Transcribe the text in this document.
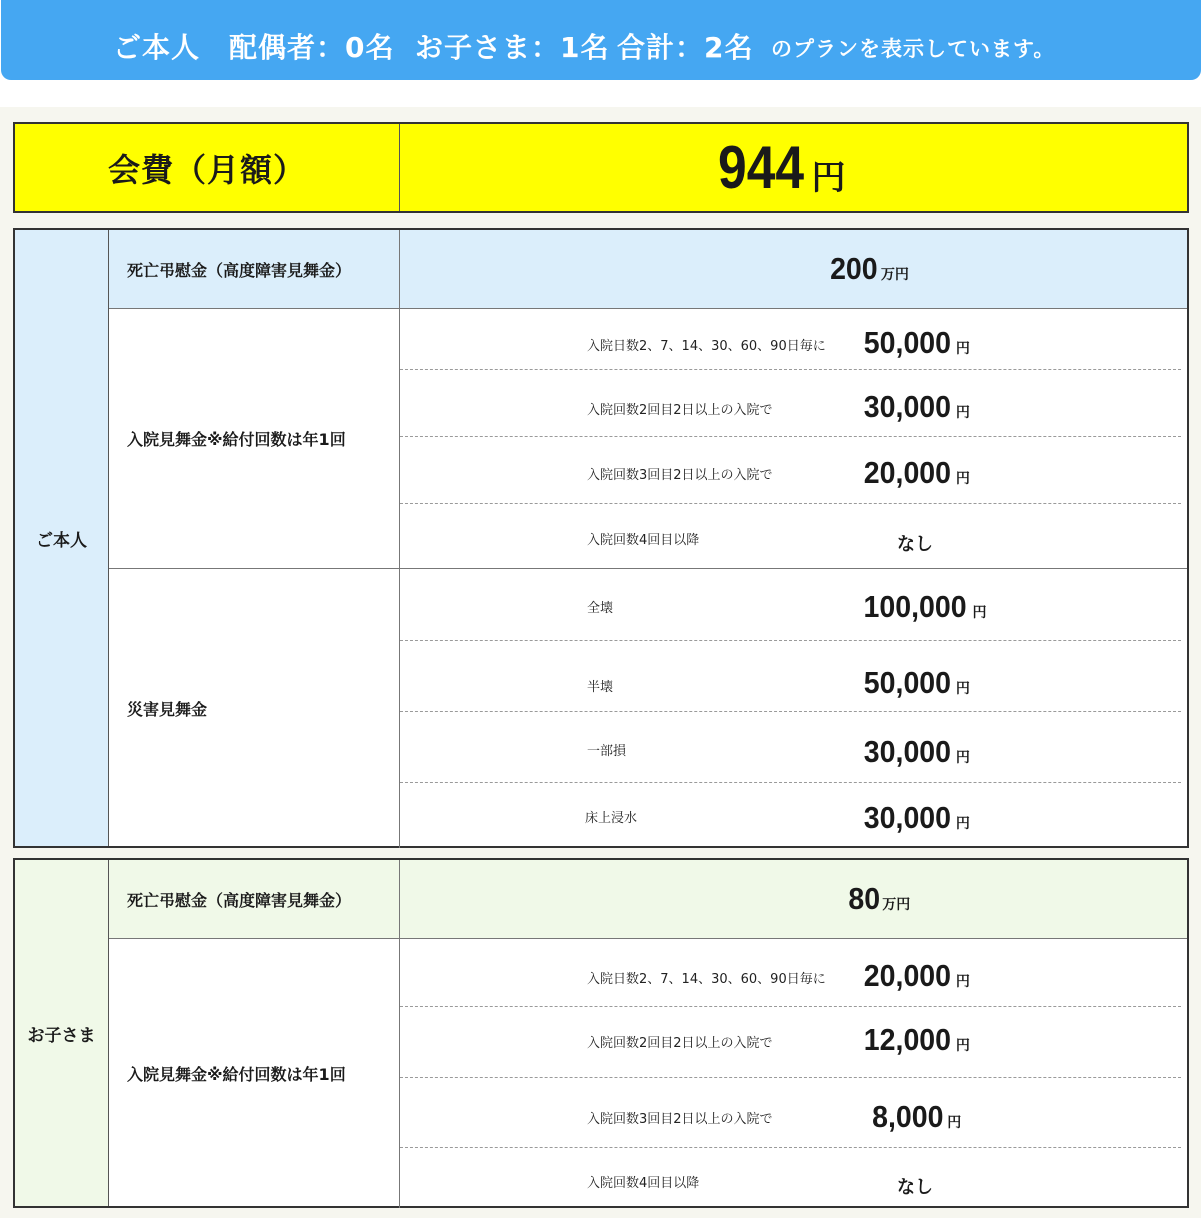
ご本人 配偶者：0名 お子さま：1名 合計：2名 のプランを表示しています。
会費（月額）	944 円
ご本人
死亡弔慰金（高度障害見舞金）	200 万円
入院見舞金※給付回数は年1回
入院日数2、7、14、30、60、90日毎に	50,000 円
入院回数2回目2日以上の入院で	30,000 円
入院回数3回目2日以上の入院で	20,000 円
入院回数4回目以降	なし
災害見舞金
全壊	100,000 円
半壊	50,000 円
一部損	30,000 円
床上浸水	30,000 円
お子さま
死亡弔慰金（高度障害見舞金）	80 万円
入院見舞金※給付回数は年1回
入院日数2、7、14、30、60、90日毎に	20,000 円
入院回数2回目2日以上の入院で	12,000 円
入院回数3回目2日以上の入院で	8,000 円
入院回数4回目以降	なし
